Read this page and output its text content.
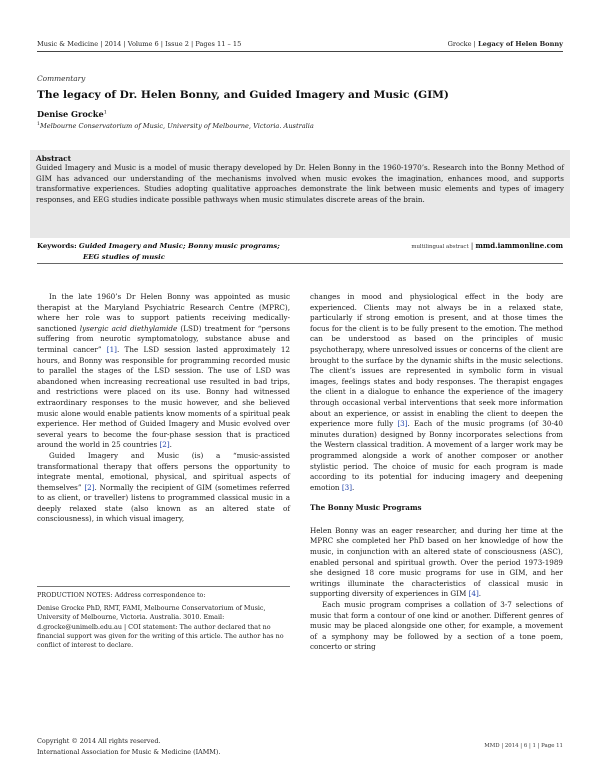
Music & Medicine | 2014 | Volume 6 | Issue 2 | Pages 11 – 15	Grocke | Legacy of Helen Bonny
Commentary
The legacy of Dr. Helen Bonny, and Guided Imagery and Music (GIM)
Denise Grocke$^1$
$^1$Melbourne Conservatorium of Music, University of Melbourne, Victoria. Australia
Abstract
Guided Imagery and Music is a model of music therapy developed by Dr. Helen Bonny in the 1960-1970’s. Research into the Bonny Method of GIM has advanced our understanding of the mechanisms involved when music evokes the imagination, enhances mood, and supports transformative experiences. Studies adopting qualitative approaches demonstrate the link between music elements and types of imagery responses, and EEG studies indicate possible pathways when music stimulates discrete areas of the brain.
Keywords: Guided Imagery and Music; Bonny music programs;
EEG studies of music
multilingual abstract | mmd.iammonline.com

In the late 1960’s Dr Helen Bonny was appointed as music therapist at the Maryland Psychiatric Research Centre (MPRC), where her role was to support patients receiving medically-sanctioned lysergic acid diethylamide (LSD) treatment for “persons suffering from neurotic symptomatology, substance abuse and terminal cancer” [1]. The LSD session lasted approximately 12 hours, and Bonny was responsible for programming recorded music to parallel the stages of the LSD session. The use of LSD was abandoned when increasing recreational use resulted in bad trips, and restrictions were placed on its use. Bonny had witnessed extraordinary responses to the music however, and she believed music alone would enable patients know moments of a spiritual peak experience. Her method of Guided Imagery and Music evolved over several years to become the four-phase session that is practiced around the world in 25 countries [2].

Guided Imagery and Music (is) a “music-assisted transformational therapy that offers persons the opportunity to integrate mental, emotional, physical, and spiritual aspects of themselves” [2]. Normally the recipient of GIM (sometimes referred to as client, or traveller) listens to programmed classical music in a deeply relaxed state (also known as an altered state of consciousness), in which visual imagery,

PRODUCTION NOTES: Address correspondence to:
Denise Grocke PhD, RMT, FAMI, Melbourne Conservatorium of Music, University of Melbourne, Victoria. Australia. 3010. Email: d.grocke@unimelb.edu.au | COI statement: The author declared that no financial support was given for the writing of this article. The author has no conflict of interest to declare.
Copyright © 2014 All rights reserved.
International Association for Music & Medicine (IAMM).

changes in mood and physiological effect in the body are experienced. Clients may not always be in a relaxed state, particularly if strong emotion is present, and at those times the focus for the client is to be fully present to the emotion. The method can be understood as based on the principles of music psychotherapy, where unresolved issues or concerns of the client are brought to the surface by the dynamic shifts in the music selections. The client’s issues are represented in symbolic form in visual images, feelings states and body responses. The therapist engages the client in a dialogue to enhance the experience of the imagery through occasional verbal interventions that seek more information about an experience, or assist in enabling the client to deepen the experience more fully [3]. Each of the music programs (of 30-40 minutes duration) designed by Bonny incorporates selections from the Western classical tradition. A movement of a larger work may be programmed alongside a work of another composer or another stylistic period. The choice of music for each program is made according to its potential for inducing imagery and deepening emotion [3].

The Bonny Music Programs

Helen Bonny was an eager researcher, and during her time at the MPRC she completed her PhD based on her knowledge of how the music, in conjunction with an altered state of consciousness (ASC), enabled personal and spiritual growth. Over the period 1973-1989 she designed 18 core music programs for use in GIM, and her writings illuminate the characteristics of classical music in supporting diversity of experiences in GIM [4].

Each music program comprises a collation of 3-7 selections of music that form a contour of one kind or another. Different genres of music may be placed alongside one other, for example, a movement of a symphony may be followed by a section of a tone poem, concerto or string

MMD | 2014 | 6 | 1 | Page 11
